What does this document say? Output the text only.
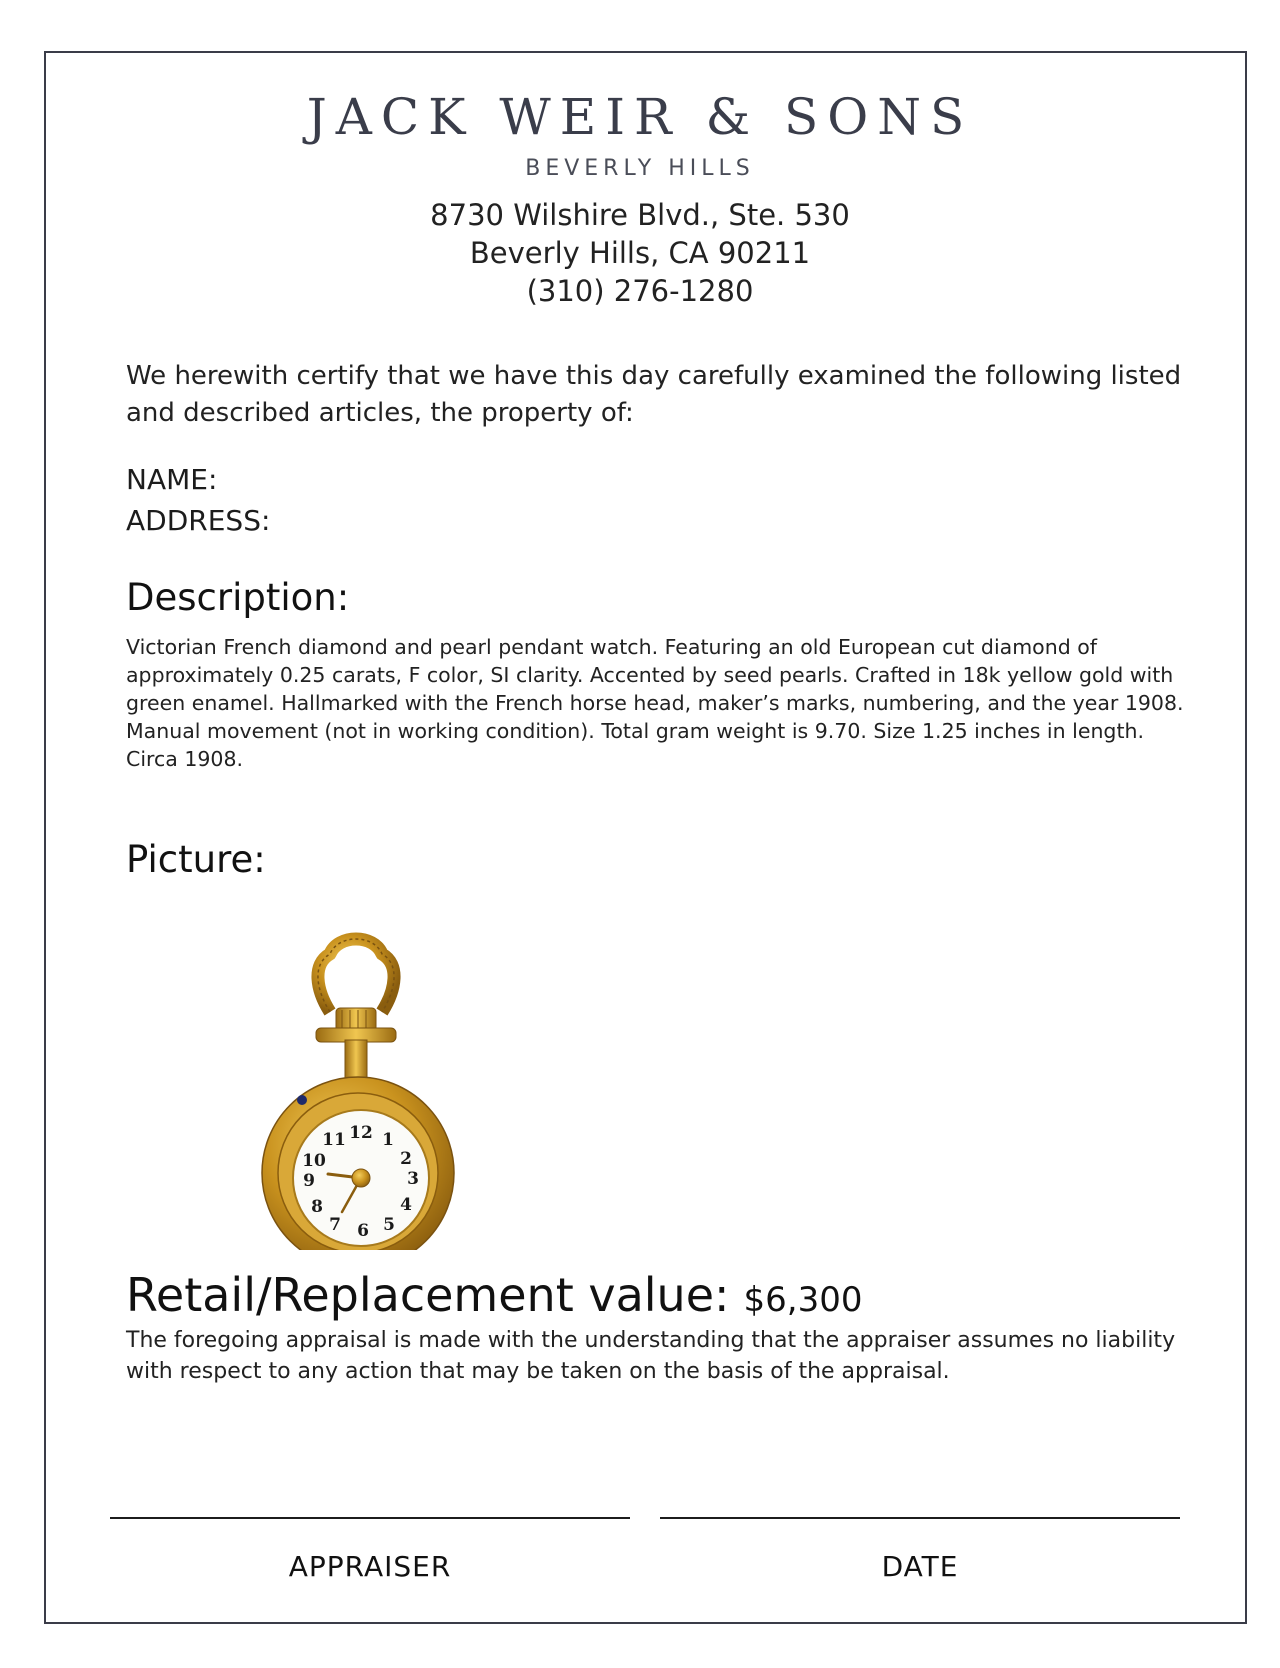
JACK WEIR & SONS
BEVERLY HILLS
8730 Wilshire Blvd., Ste. 530
Beverly Hills, CA 90211
(310) 276-1280
We herewith certify that we have this day carefully examined the following listed and described articles, the property of:
NAME:
ADDRESS:
Description:
Victorian French diamond and pearl pendant watch. Featuring an old European cut diamond of approximately 0.25 carats, F color, SI clarity. Accented by seed pearls. Crafted in 18k yellow gold with green enamel. Hallmarked with the French horse head, maker’s marks, numbering, and the year 1908. Manual movement (not in working condition). Total gram weight is 9.70. Size 1.25 inches in length. Circa 1908.
Picture:
12 1
2
3
4
5
6
7
8
9
10
11
Retail/Replacement value: $6,300
The foregoing appraisal is made with the understanding that the appraiser assumes no liability with respect to any action that may be taken on the basis of the appraisal.
APPRAISER	DATE
